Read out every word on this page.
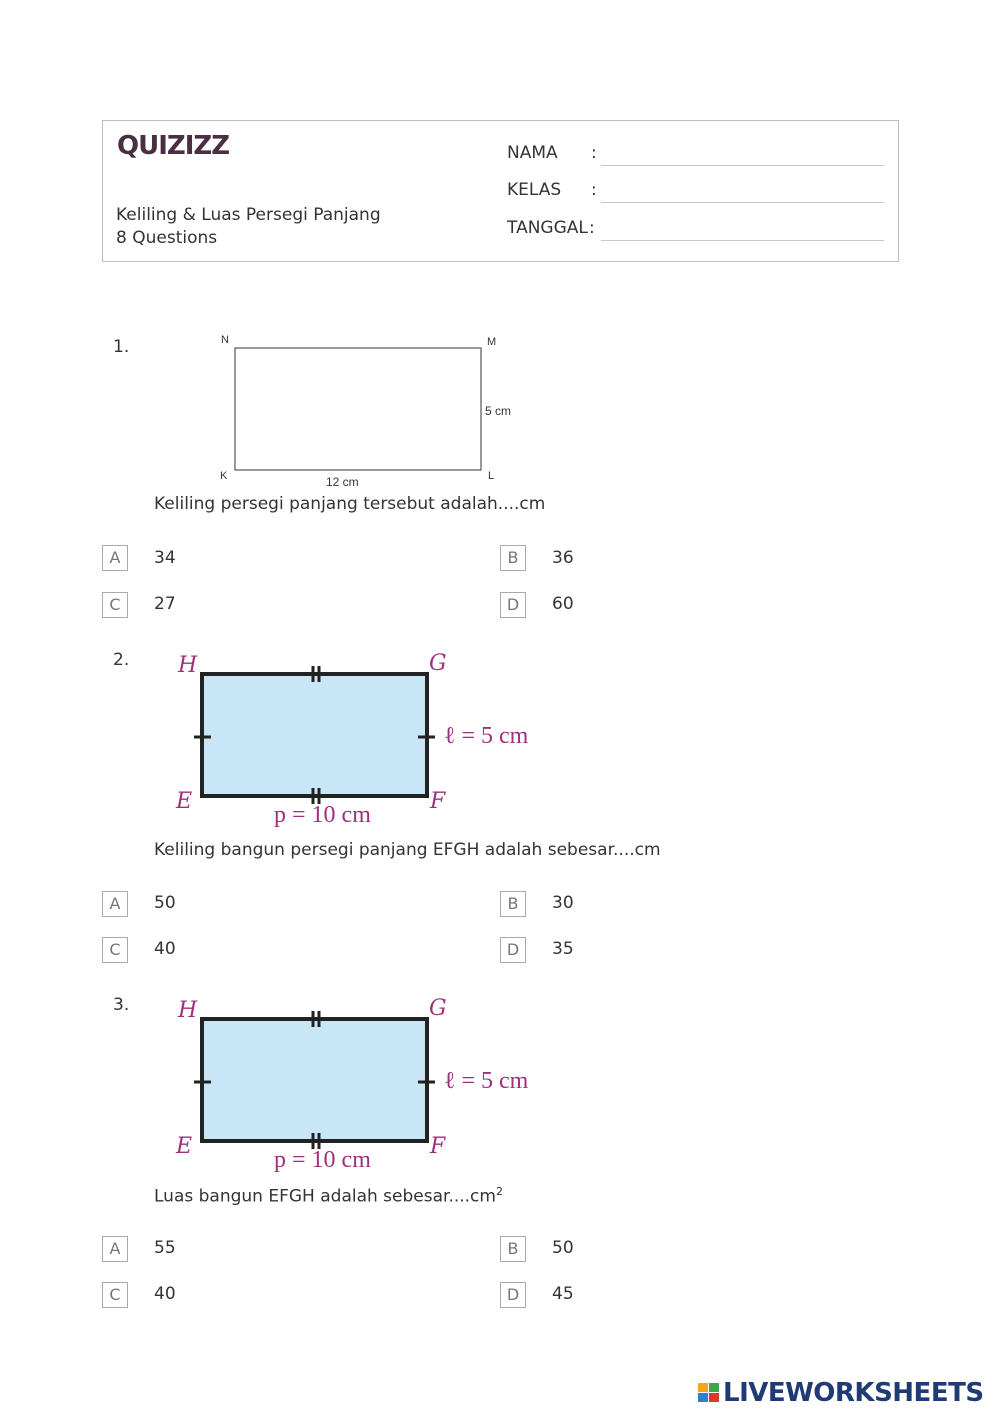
QUIZIZZ
Keliling & Luas Persegi Panjang
8 Questions
NAMA :
KELAS :
TANGGAL :
1.	N	M
K	L
12 cm
5 cm
Keliling persegi panjang tersebut adalah....cm
A	34	B	36
C	27	D	60
2. H	G
E	F
p = 10 cm
ℓ = 5 cm
Keliling bangun persegi panjang EFGH adalah sebesar....cm
A	50	B	30
C	40	D	35
3. H	G
E	F
p = 10 cm
ℓ = 5 cm
Luas bangun EFGH adalah $sebesar....cm^2$
A	55	B	50
C	40	D	45
LIVEWORKSHEETS
